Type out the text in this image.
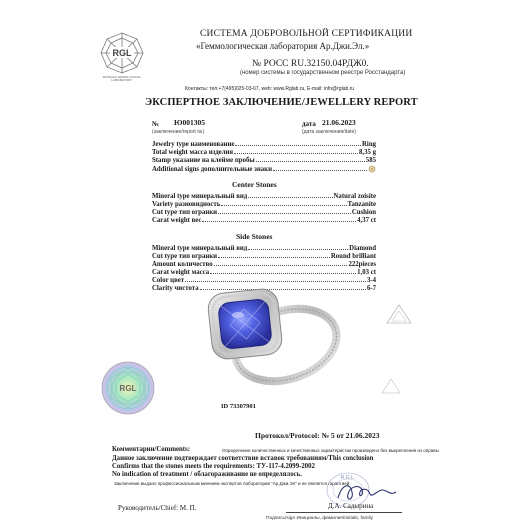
RGL
RUSSIAN GEMOLOGICAL LABORATORY
СИСТЕМА ДОБРОВОЛЬНОЙ СЕРТИФИКАЦИИ
«Геммологическая лаборатория Ар.Джи.Эл.»
№ РОСС RU.32150.04РДЖ0.
(номер системы в государственном реестре Росстандарта)
Контакты: тел.+7(495)025-03-67, web: www.Rglab.ru, E-mail: info@rglab.ru
ЭКСПЕРТНОЕ ЗАКЛЮЧЕНИЕ/JEWELLERY REPORT
№ Ю001305
(заключение/report №)
дата 21.06.2023
(дата заключения/date)
Jewelry type наименование	Ring
Total weight масса изделия	8,35 g
Stamp указание на клейме пробы	585
Additional signs дополнительные знаки
Center Stones
Mineral type минеральный вид	Natural zoisite
Variety разновидность	Tanzanite
Cut type тип огранки	Cushion
Carat weight вес	4,37 ct
Side Stones
Mineral type минеральный вид	Diamond
Cut type тип огранки	Round brilliant
Amount количество	222pieces
Carat weight масса	1,03 ct
Color цвет	3-4
Clarity чистота	6-7
RGL
ID 73307901
Протокол/Protocol: № 5 от 21.06.2023
Комментарии/Comments:	Определение количественных и качественных характеристик произведено без выкрепления из оправы
Данное заключение подтверждает соответствие вставок требованиям/This conclusion
Confirms that the stones meets the requirements: ТУ-117-4.2099-2002
No indication of treatment / облагораживание не определялось.
Заключение выдано профессиональным мнением экспертов лаборатории "Ар.Джи.Эл" и не является гарантией.
R.G.L.
Руководитель/Chief: М. П.	Д.А. Садырина
Подпись/sign Инициалы, фамилия/Initials, family
